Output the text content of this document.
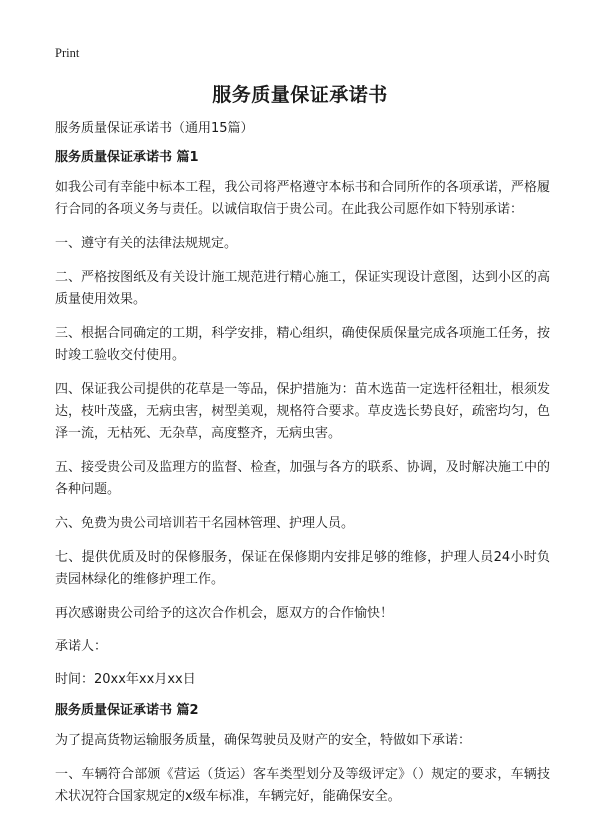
Print
服务质量保证承诺书

服务质量保证承诺书（通用15篇）

服务质量保证承诺书 篇1

如我公司有幸能中标本工程，我公司将严格遵守本标书和合同所作的各项承诺，严格履行合同的各项义务与责任。以诚信取信于贵公司。在此我公司愿作如下特别承诺：

一、遵守有关的法律法规规定。

二、严格按图纸及有关设计施工规范进行精心施工，保证实现设计意图，达到小区的高质量使用效果。

三、根据合同确定的工期，科学安排，精心组织，确使保质保量完成各项施工任务，按时竣工验收交付使用。

四、保证我公司提供的花草是一等品，保护措施为：苗木选苗一定选杆径粗壮，根须发达，枝叶茂盛，无病虫害，树型美观，规格符合要求。草皮选长势良好，疏密均匀，色泽一流，无枯死、无杂草，高度整齐，无病虫害。

五、接受贵公司及监理方的监督、检查，加强与各方的联系、协调，及时解决施工中的各种问题。

六、免费为贵公司培训若干名园林管理、护理人员。

七、提供优质及时的保修服务，保证在保修期内安排足够的维修，护理人员24小时负责园林绿化的维修护理工作。

再次感谢贵公司给予的这次合作机会，愿双方的合作愉快！

承诺人：

时间：20xx年xx月xx日

服务质量保证承诺书 篇2

为了提高货物运输服务质量，确保驾驶员及财产的安全，特做如下承诺：

一、车辆符合部颁《营运（货运）客车类型划分及等级评定》（）规定的要求，车辆技术状况符合国家规定的x级车标准，车辆完好，能确保安全。
